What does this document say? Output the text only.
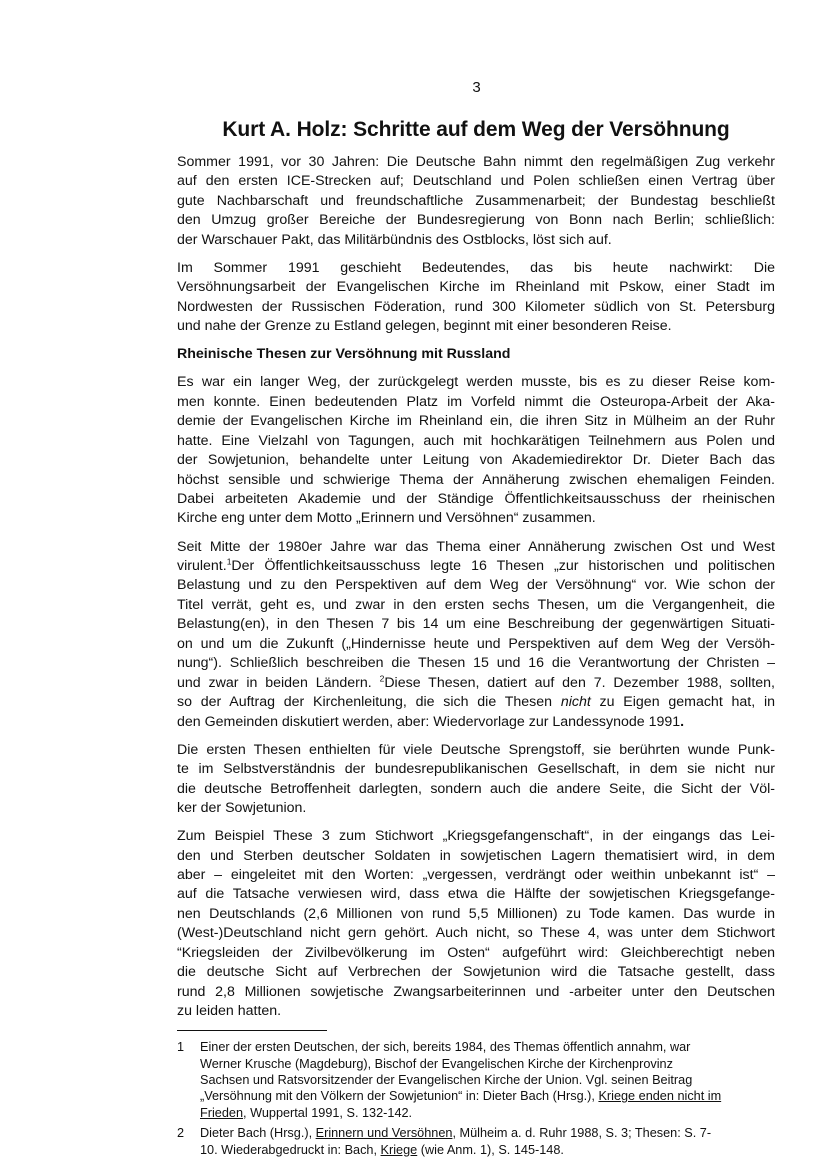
3
Kurt A. Holz: Schritte auf dem Weg der Versöhnung

Sommer 1991, vor 30 Jahren: Die Deutsche Bahn nimmt den regelmäßigen Zug verkehr
auf den ersten ICE-Strecken auf; Deutschland und Polen schließen einen Vertrag über
gute Nachbarschaft und freundschaftliche Zusammenarbeit; der Bundestag beschließt
den Umzug großer Bereiche der Bundesregierung von Bonn nach Berlin; schließlich:
der Warschauer Pakt, das Militärbündnis des Ostblocks, löst sich auf.

Im Sommer 1991 geschieht Bedeutendes, das bis heute nachwirkt: Die
Versöhnungsarbeit der Evangelischen Kirche im Rheinland mit Pskow, einer Stadt im
Nordwesten der Russischen Föderation, rund 300 Kilometer südlich von St. Petersburg
und nahe der Grenze zu Estland gelegen, beginnt mit einer besonderen Reise.

Rheinische Thesen zur Versöhnung mit Russland

Es war ein langer Weg, der zurückgelegt werden musste, bis es zu dieser Reise kom-
men konnte. Einen bedeutenden Platz im Vorfeld nimmt die Osteuropa-Arbeit der Aka-
demie der Evangelischen Kirche im Rheinland ein, die ihren Sitz in Mülheim an der Ruhr
hatte. Eine Vielzahl von Tagungen, auch mit hochkarätigen Teilnehmern aus Polen und
der Sowjetunion, behandelte unter Leitung von Akademiedirektor Dr. Dieter Bach das
höchst sensible und schwierige Thema der Annäherung zwischen ehemaligen Feinden.
Dabei arbeiteten Akademie und der Ständige Öffentlichkeitsausschuss der rheinischen
Kirche eng unter dem Motto „Erinnern und Versöhnen“ zusammen.

Seit Mitte der 1980er Jahre war das Thema einer Annäherung zwischen Ost und West
virulent.$^1$Der Öffentlichkeitsausschuss legte 16 Thesen „zur historischen und politischen
Belastung und zu den Perspektiven auf dem Weg der Versöhnung“ vor. Wie schon der
Titel verrät, geht es, und zwar in den ersten sechs Thesen, um die Vergangenheit, die
Belastung(en), in den Thesen 7 bis 14 um eine Beschreibung der gegenwärtigen Situati-
on und um die Zukunft („Hindernisse heute und Perspektiven auf dem Weg der Versöh-
nung“). Schließlich beschreiben die Thesen 15 und 16 die Verantwortung der Christen –
und zwar in beiden Ländern. $^2$Diese Thesen, datiert auf den 7. Dezember 1988, sollten,
so der Auftrag der Kirchenleitung, die sich die Thesen nicht zu Eigen gemacht hat, in
den Gemeinden diskutiert werden, aber: Wiedervorlage zur Landessynode 1991.

Die ersten Thesen enthielten für viele Deutsche Sprengstoff, sie berührten wunde Punk-
te im Selbstverständnis der bundesrepublikanischen Gesellschaft, in dem sie nicht nur
die deutsche Betroffenheit darlegten, sondern auch die andere Seite, die Sicht der Völ-
ker der Sowjetunion.

Zum Beispiel These 3 zum Stichwort „Kriegsgefangenschaft“, in der eingangs das Lei-
den und Sterben deutscher Soldaten in sowjetischen Lagern thematisiert wird, in dem
aber – eingeleitet mit den Worten: „vergessen, verdrängt oder weithin unbekannt ist“ –
auf die Tatsache verwiesen wird, dass etwa die Hälfte der sowjetischen Kriegsgefange-
nen Deutschlands (2,6 Millionen von rund 5,5 Millionen) zu Tode kamen. Das wurde in
(West-)Deutschland nicht gern gehört. Auch nicht, so These 4, was unter dem Stichwort
“Kriegsleiden der Zivilbevölkerung im Osten“ aufgeführt wird: Gleichberechtigt neben
die deutsche Sicht auf Verbrechen der Sowjetunion wird die Tatsache gestellt, dass
rund 2,8 Millionen sowjetische Zwangsarbeiterinnen und -arbeiter unter den Deutschen
zu leiden hatten.

1	Einer der ersten Deutschen, der sich, bereits 1984, des Themas öffentlich annahm, war
Werner Krusche (Magdeburg), Bischof der Evangelischen Kirche der Kirchenprovinz
Sachsen und Ratsvorsitzender der Evangelischen Kirche der Union. Vgl. seinen Beitrag
„Versöhnung mit den Völkern der Sowjetunion“ in: Dieter Bach (Hrsg.), Kriege enden nicht im
Frieden, Wuppertal 1991, S. 132-142.
2	Dieter Bach (Hrsg.), Erinnern und Versöhnen, Mülheim a. d. Ruhr 1988, S. 3; Thesen: S. 7-
10. Wiederabgedruckt in: Bach, Kriege (wie Anm. 1), S. 145-148.
